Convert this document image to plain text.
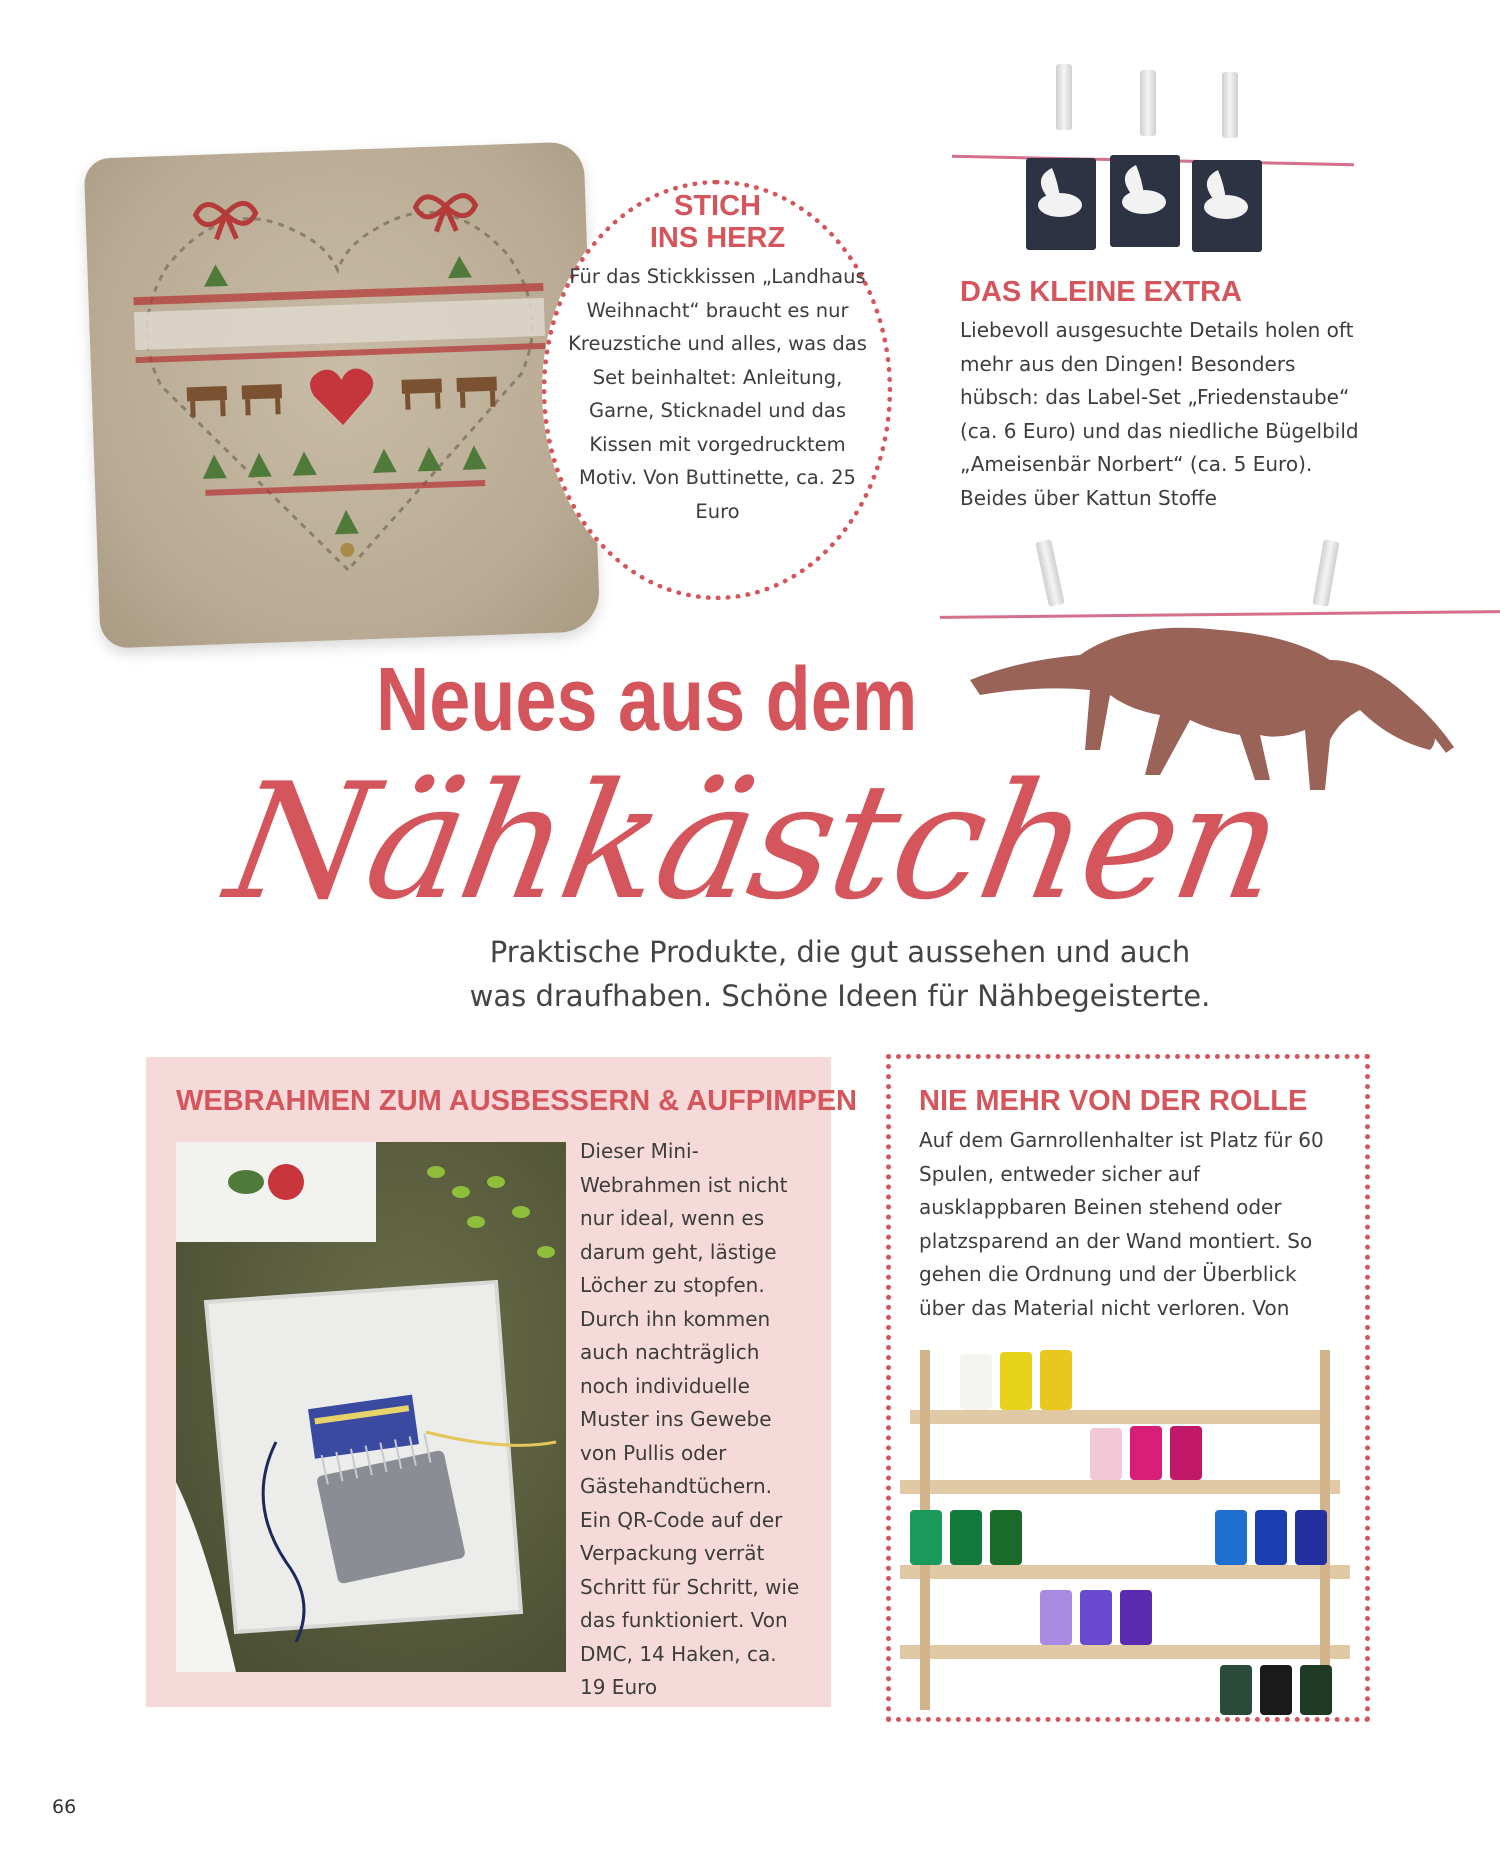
STICH
INS HERZ
Für das Stickkissen „Landhaus Weihnacht“ braucht es nur Kreuzstiche und alles, was das Set beinhaltet: Anleitung, Garne, Sticknadel und das Kissen mit vorgedrucktem Motiv. Von Buttinette, ca. 25 Euro
DAS KLEINE EXTRA
Liebevoll ausgesuchte Details holen oft mehr aus den Dingen! Besonders hübsch: das Label-Set „Friedenstaube“ (ca. 6 Euro) und das niedliche Bügelbild „Ameisenbär Norbert“ (ca. 5 Euro). Beides über Kattun Stoffe
Neues aus dem
Nähkästchen
Praktische Produkte, die gut aussehen und auch
was draufhaben. Schöne Ideen für Nähbegeisterte.
WEBRAHMEN ZUM AUSBESSERN & AUFPIMPEN
Dieser Mini-Webrahmen ist nicht nur ideal, wenn es darum geht, lästige Löcher zu stopfen. Durch ihn kommen auch nachträglich noch individuelle Muster ins Gewebe von Pullis oder Gästehandtüchern. Ein QR-Code auf der Verpackung verrät Schritt für Schritt, wie das funktioniert. Von DMC, 14 Haken, ca. 19 Euro
NIE MEHR VON DER ROLLE
Auf dem Garnrollenhalter ist Platz für 60 Spulen, entweder sicher auf ausklappbaren Beinen stehend oder platzsparend an der Wand montiert. So gehen die Ordnung und der Überblick über das Material nicht verloren. Von
66
